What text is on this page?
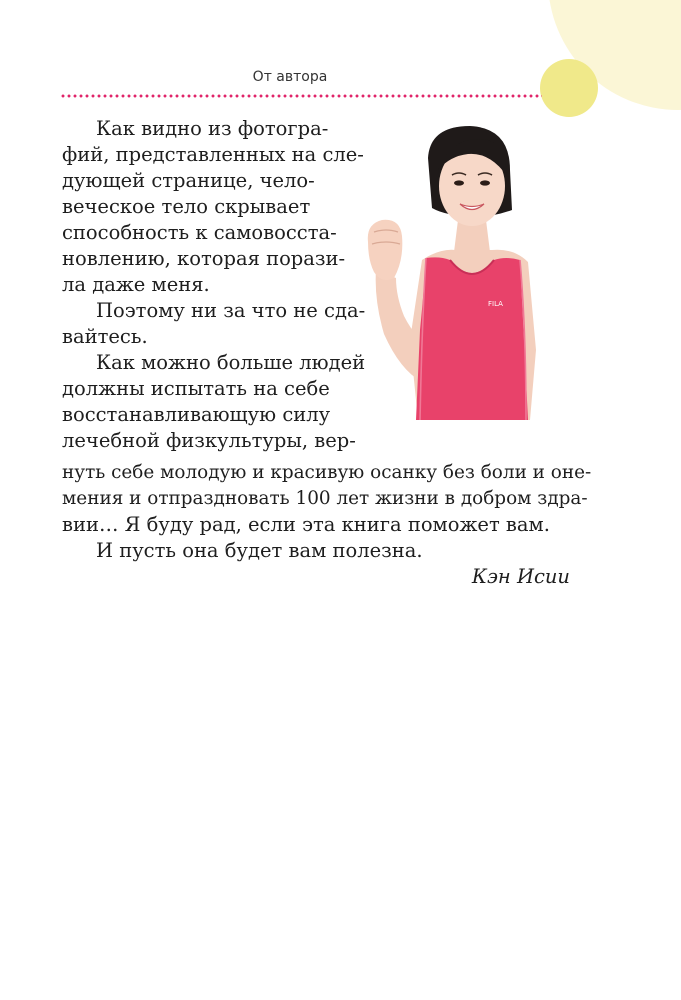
От автора
FILA
Как видно из фотогра-
фий, представленных на сле-
дующей странице, чело-
веческое тело скрывает
способность к самовосста-
новлению, которая порази-
ла даже меня.
Поэтому ни за что не сда-
вайтесь.
Как можно больше людей
должны испытать на себе
восстанавливающую силу
лечебной физкультуры, вер-
нуть себе молодую и красивую осанку без боли и оне-
мения и отпраздновать 100 лет жизни в добром здра-
вии… Я буду рад, если эта книга поможет вам.
И пусть она будет вам полезна.
Кэн Исии
